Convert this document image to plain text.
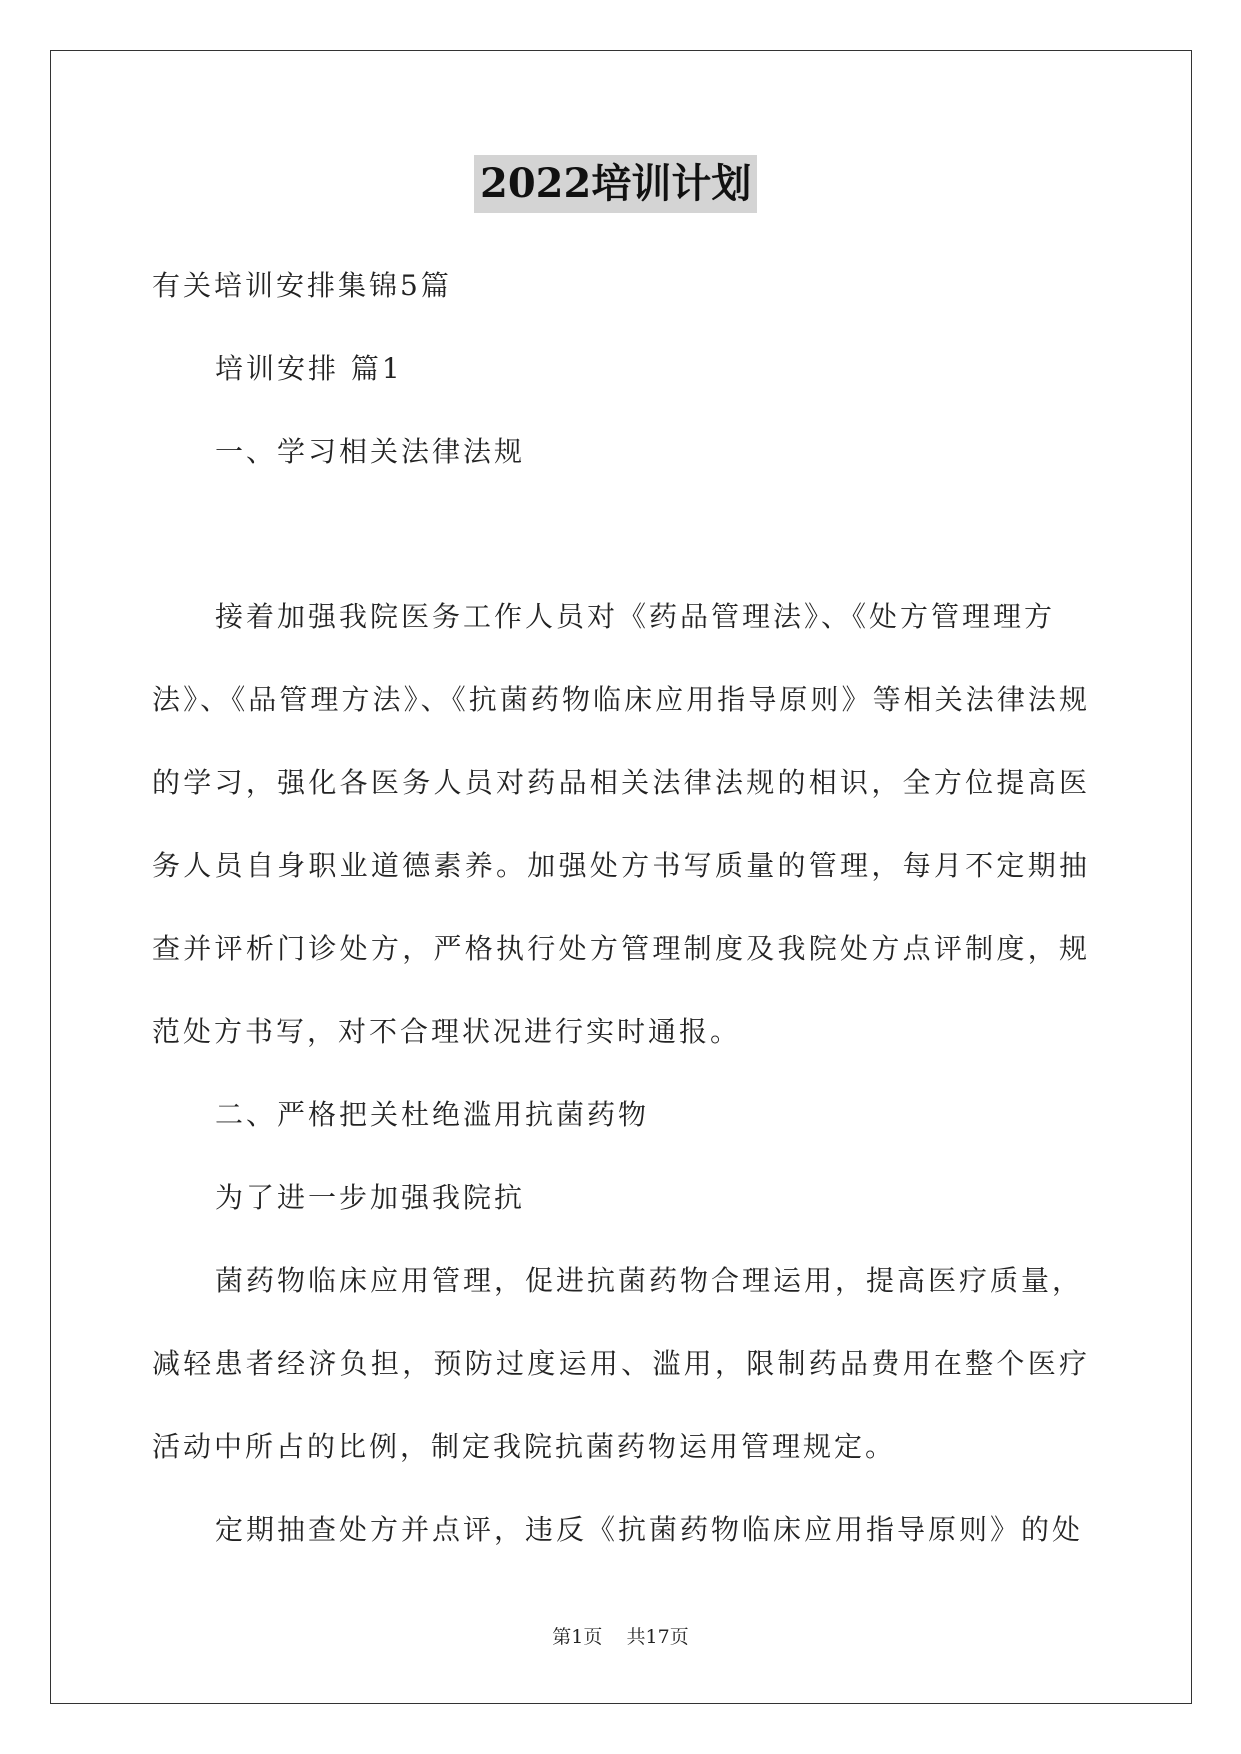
2022培训计划
有关培训安排集锦5篇
培训安排 篇1
一、学习相关法律法规
接着加强我院医务工作人员对《药品管理法》、《处方管理理方
法》、《品管理方法》、《抗菌药物临床应用指导原则》等相关法律法规
的学习，强化各医务人员对药品相关法律法规的相识，全方位提高医
务人员自身职业道德素养。加强处方书写质量的管理，每月不定期抽
查并评析门诊处方，严格执行处方管理制度及我院处方点评制度，规
范处方书写，对不合理状况进行实时通报。
二、严格把关杜绝滥用抗菌药物
为了进一步加强我院抗
菌药物临床应用管理，促进抗菌药物合理运用，提高医疗质量，
减轻患者经济负担，预防过度运用、滥用，限制药品费用在整个医疗
活动中所占的比例，制定我院抗菌药物运用管理规定。
定期抽查处方并点评，违反《抗菌药物临床应用指导原则》的处
第1页 共17页
